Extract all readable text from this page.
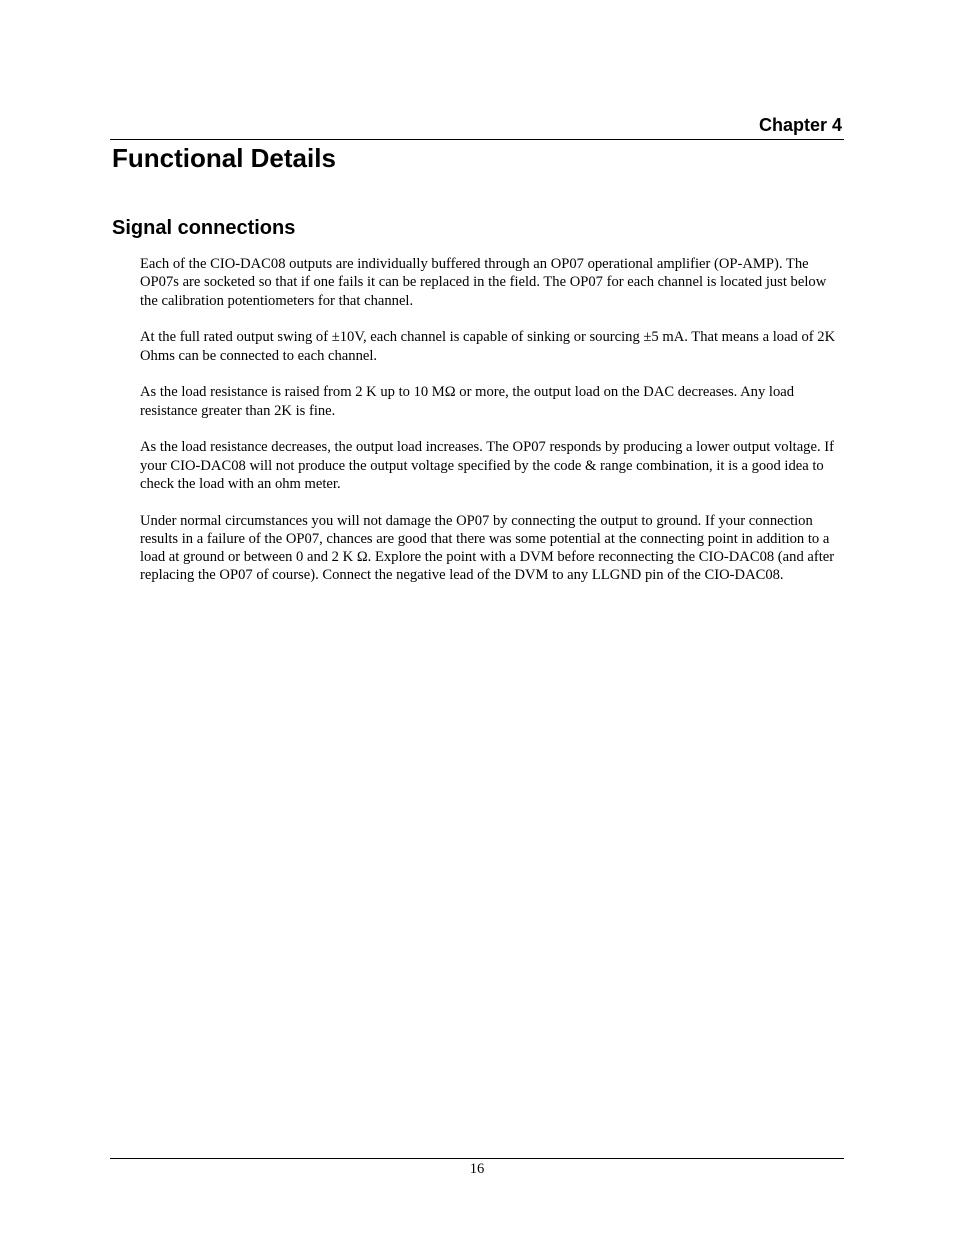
Chapter 4
Functional Details
Signal connections

Each of the CIO-DAC08 outputs are individually buffered through an OP07 operational amplifier (OP-AMP). The OP07s are socketed so that if one fails it can be replaced in the field. The OP07 for each channel is located just below the calibration potentiometers for that channel.

At the full rated output swing of ±10V, each channel is capable of sinking or sourcing ±5 mA. That means a load of 2K Ohms can be connected to each channel.

As the load resistance is raised from 2 K up to 10 MΩ or more, the output load on the DAC decreases. Any load resistance greater than 2K is fine.

As the load resistance decreases, the output load increases. The OP07 responds by producing a lower output voltage. If your CIO-DAC08 will not produce the output voltage specified by the code & range combination, it is a good idea to check the load with an ohm meter.

Under normal circumstances you will not damage the OP07 by connecting the output to ground. If your connection results in a failure of the OP07, chances are good that there was some potential at the connecting point in addition to a load at ground or between 0 and 2 K Ω. Explore the point with a DVM before reconnecting the CIO-DAC08 (and after replacing the OP07 of course). Connect the negative lead of the DVM to any LLGND pin of the CIO-DAC08.

16
